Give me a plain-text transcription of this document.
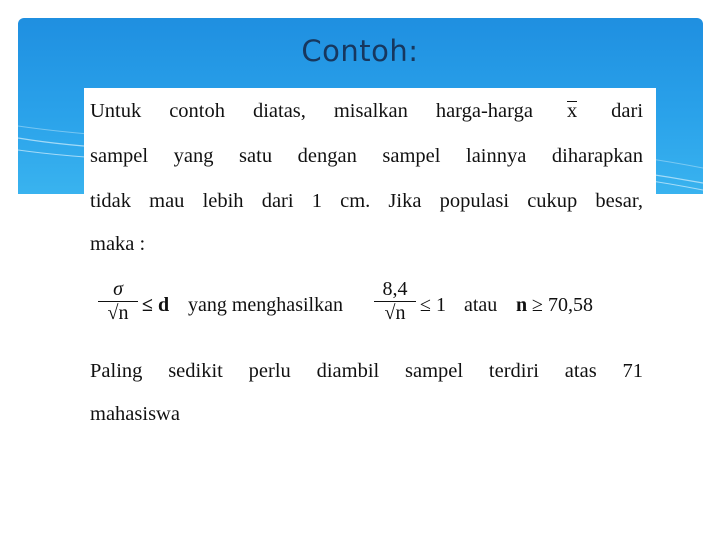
Contoh:
Untuk contoh diatas, misalkan harga-harga x dari
sampel yang satu dengan sampel lainnya diharapkan
tidak mau lebih dari 1 cm. Jika populasi cukup besar,
maka :
σ
√n ≤ d yang menghasilkan
8,4
√n ≤ 1 atau n ≥ 70,58
Paling sedikit perlu diambil sampel terdiri atas 71
mahasiswa
